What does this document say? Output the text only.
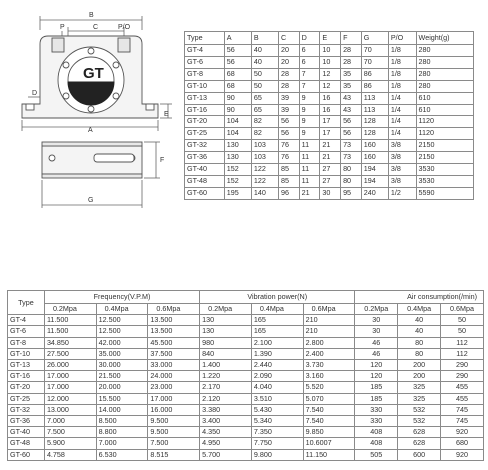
GT
B
C
P	P/O
D
E
A
F
G
Type	A	B	C	D	E	F	G	P/O	Weight(g)
GT-4	56	40	20	6	10	28	70	1/8	280
GT-6	56	40	20	6	10	28	70	1/8	280
GT-8	68	50	28	7	12	35	86	1/8	280
GT-10	68	50	28	7	12	35	86	1/8	280
GT-13	90	65	39	9	16	43	113	1/4	610
GT-16	90	65	39	9	16	43	113	1/4	610
GT-20	104	82	56	9	17	56	128	1/4	1120
GT-25	104	82	56	9	17	56	128	1/4	1120
GT-32	130	103	76	11	21	73	160	3/8	2150
GT-36	130	103	76	11	21	73	160	3/8	2150
GT-40	152	122	85	11	27	80	194	3/8	3530
GT-48	152	122	85	11	27	80	194	3/8	3530
GT-60	195	140	96	21	30	95	240	1/2	5590
Type	Frequency(V.P.M)			Vibration power(N)			Air consumption(/min)		
	0.2Mpa	0.4Mpa	0.6Mpa	0.2Mpa	0.4Mpa	0.6Mpa	0.2Mpa	0.4Mpa	0.6Mpa
GT-4	11.500	12.500	13.500	130	165	210	30	40	50
GT-6	11.500	12.500	13.500	130	165	210	30	40	50
GT-8	34.850	42.000	45.500	980	2.100	2.800	46	80	112
GT-10	27.500	35.000	37.500	840	1.390	2.400	46	80	112
GT-13	26.000	30.000	33.000	1.400	2.440	3.730	120	200	290
GT-16	17.000	21.500	24.000	1.220	2.090	3.160	120	200	290
GT-20	17.000	20.000	23.000	2.170	4.040	5.520	185	325	455
GT-25	12.000	15.500	17.000	2.120	3.510	5.070	185	325	455
GT-32	13.000	14.000	16.000	3.380	5.430	7.540	330	532	745
GT-36	7.000	8.500	9.500	3.400	5.340	7.540	330	532	745
GT-40	7.500	8.800	9.500	4.350	7.350	9.850	408	628	920
GT-48	5.900	7.000	7.500	4.950	7.750	10.6007	408	628	680
GT-60	4.758	6.530	8.515	5.700	9.800	11.150	505	600	920
